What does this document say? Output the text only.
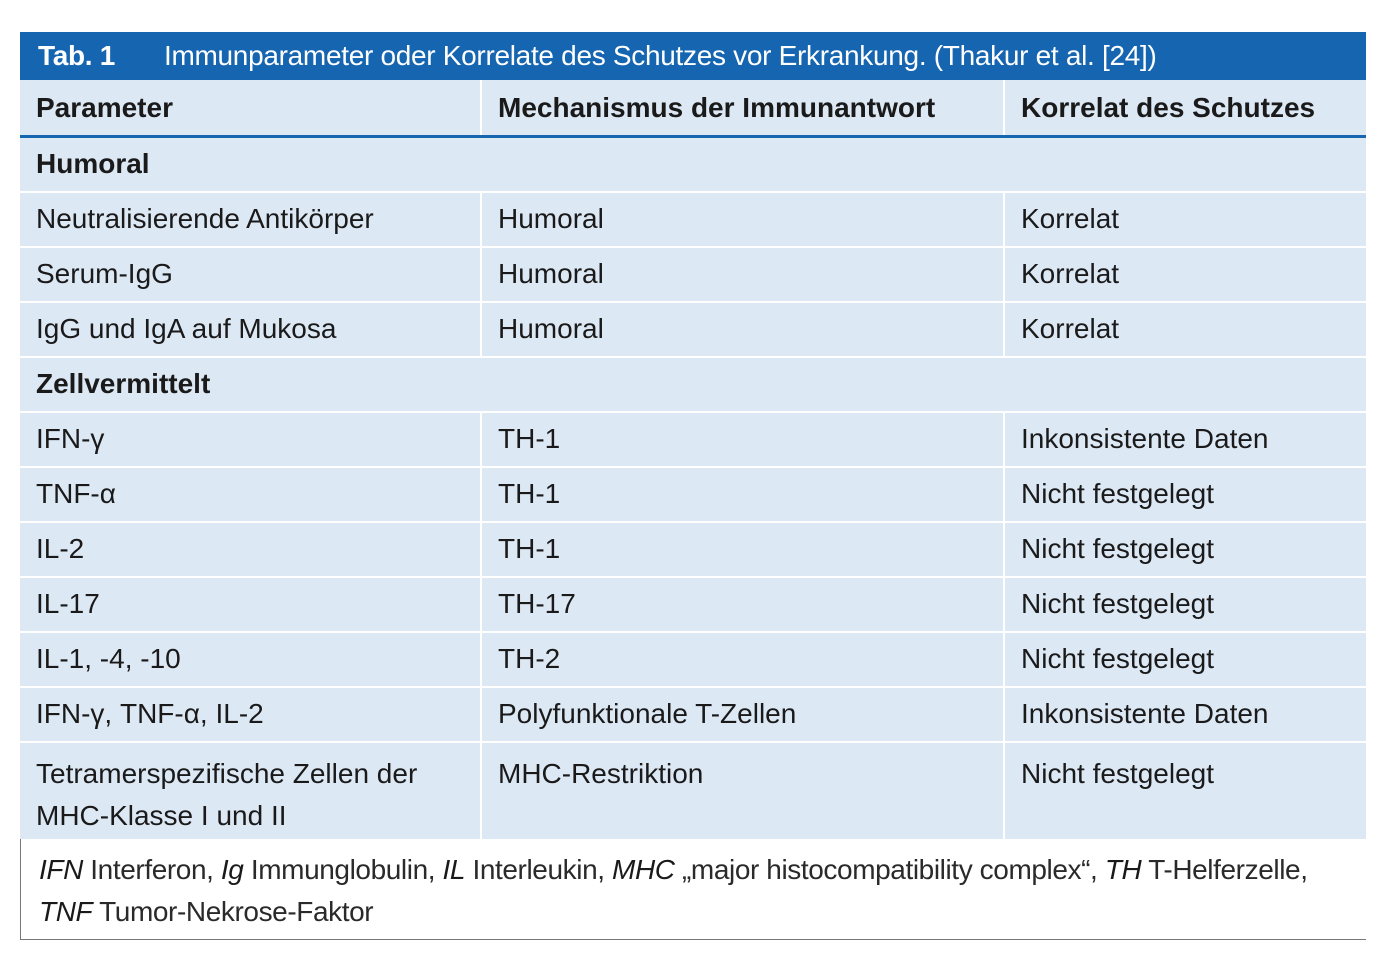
Tab. 1	Immunparameter oder Korrelate des Schutzes vor Erkrankung. (Thakur et al. [24])
Parameter	Mechanismus der Immunantwort	Korrelat des Schutzes
Humoral		
Neutralisierende Antikörper	Humoral	Korrelat
Serum-IgG	Humoral	Korrelat
IgG und IgA auf Mukosa	Humoral	Korrelat
Zellvermittelt		
IFN-γ	TH-1	Inkonsistente Daten
TNF-α	TH-1	Nicht festgelegt
IL-2	TH-1	Nicht festgelegt
IL-17	TH-17	Nicht festgelegt
IL-1, -4, -10	TH-2	Nicht festgelegt
IFN-γ, TNF-α, IL-2	Polyfunktionale T-Zellen	Inkonsistente Daten
Tetramerspezifische Zellen der MHC-Klasse I und II	MHC-Restriktion	Nicht festgelegt
IFN Interferon, Ig Immunglobulin, IL Interleukin, MHC „major histocompatibility complex“, TH T-Helferzelle, TNF Tumor-Nekrose-Faktor
